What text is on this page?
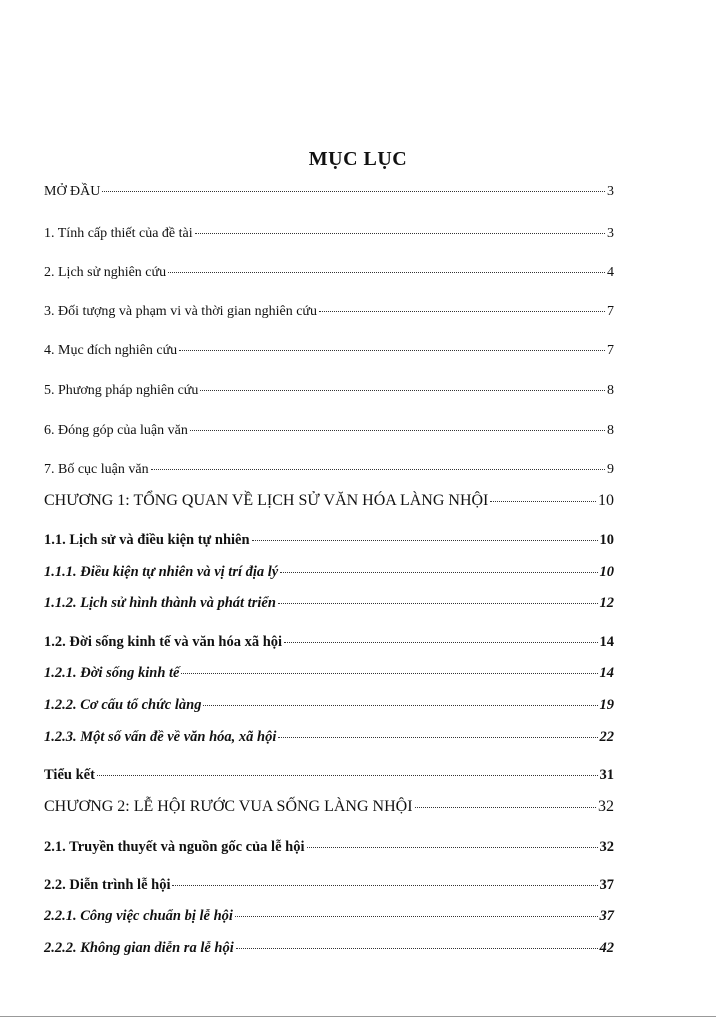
MỤC LỤC
MỞ ĐẦU	3
1. Tính cấp thiết của đề tài	3
2. Lịch sử nghiên cứu	4
3. Đối tượng và phạm vi và thời gian nghiên cứu	7
4. Mục đích nghiên cứu	7
5. Phương pháp nghiên cứu	8
6. Đóng góp của luận văn	8
7. Bố cục luận văn	9
CHƯƠNG 1: TỔNG QUAN VỀ LỊCH SỬ VĂN HÓA LÀNG NHỘI	10
1.1. Lịch sử và điều kiện tự nhiên	10
1.1.1. Điều kiện tự nhiên và vị trí địa lý	10
1.1.2. Lịch sử hình thành và phát triển	12
1.2. Đời sống kinh tế và văn hóa xã hội	14
1.2.1. Đời sống kinh tế	14
1.2.2. Cơ cấu tổ chức làng	19
1.2.3. Một số vấn đề về văn hóa, xã hội	22
Tiểu kết	31
CHƯƠNG 2: LỄ HỘI RƯỚC VUA SỐNG LÀNG NHỘI	32
2.1. Truyền thuyết và nguồn gốc của lễ hội	32
2.2. Diễn trình lễ hội	37
2.2.1. Công việc chuẩn bị lễ hội	37
2.2.2. Không gian diễn ra lễ hội	42
